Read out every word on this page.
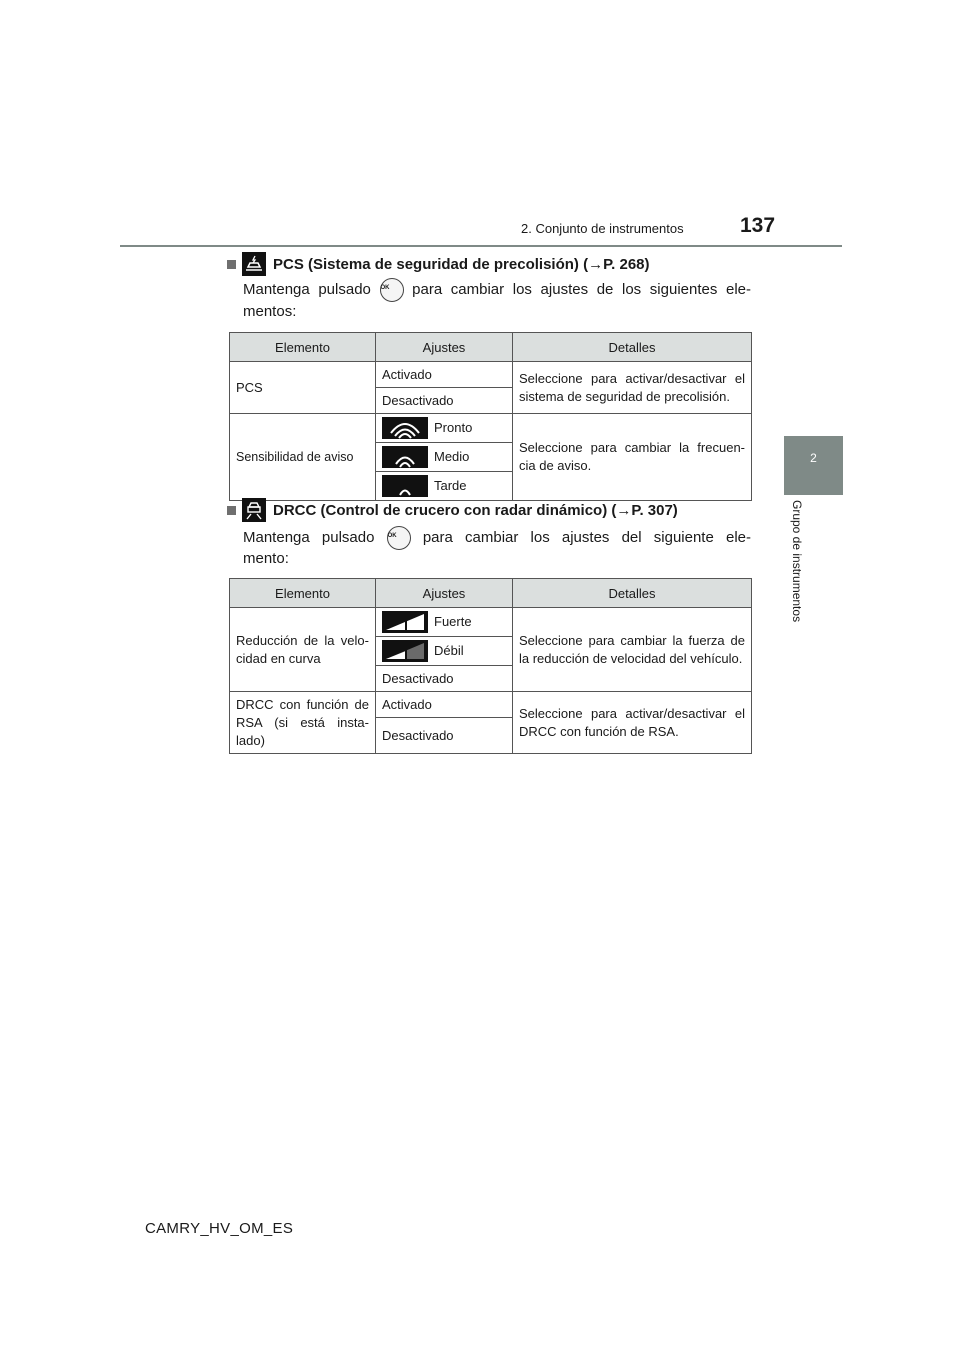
2. Conjunto de instrumentos	137
2
Grupo de instrumentos
PCS (Sistema de seguridad de precolisión) (→P. 268)
Mantenga pulsado OK	para cambiar los ajustes de los siguientes ele-
mentos:
Elemento	Ajustes	Detalles
PCS	Activado	Seleccione para activar/desactivar el sistema de seguridad de precolisión.
	Desactivado	
Sensibilidad de aviso	Pronto	Seleccione para cambiar la frecuen- cia de aviso.
	Medio	
	Tarde	
DRCC (Control de crucero con radar dinámico) (→P. 307)
Mantenga pulsado OK	para cambiar los ajustes del siguiente ele-
mento:
Elemento	Ajustes	Detalles
Reducción de la velo- cidad en curva	Fuerte	Seleccione para cambiar la fuerza de la reducción de velocidad del vehículo.
	Débil	
	Desactivado	
DRCC con función de RSA (si está insta- lado)	Activado	Seleccione para activar/desactivar el DRCC con función de RSA.
	Desactivado	
CAMRY_HV_OM_ES
